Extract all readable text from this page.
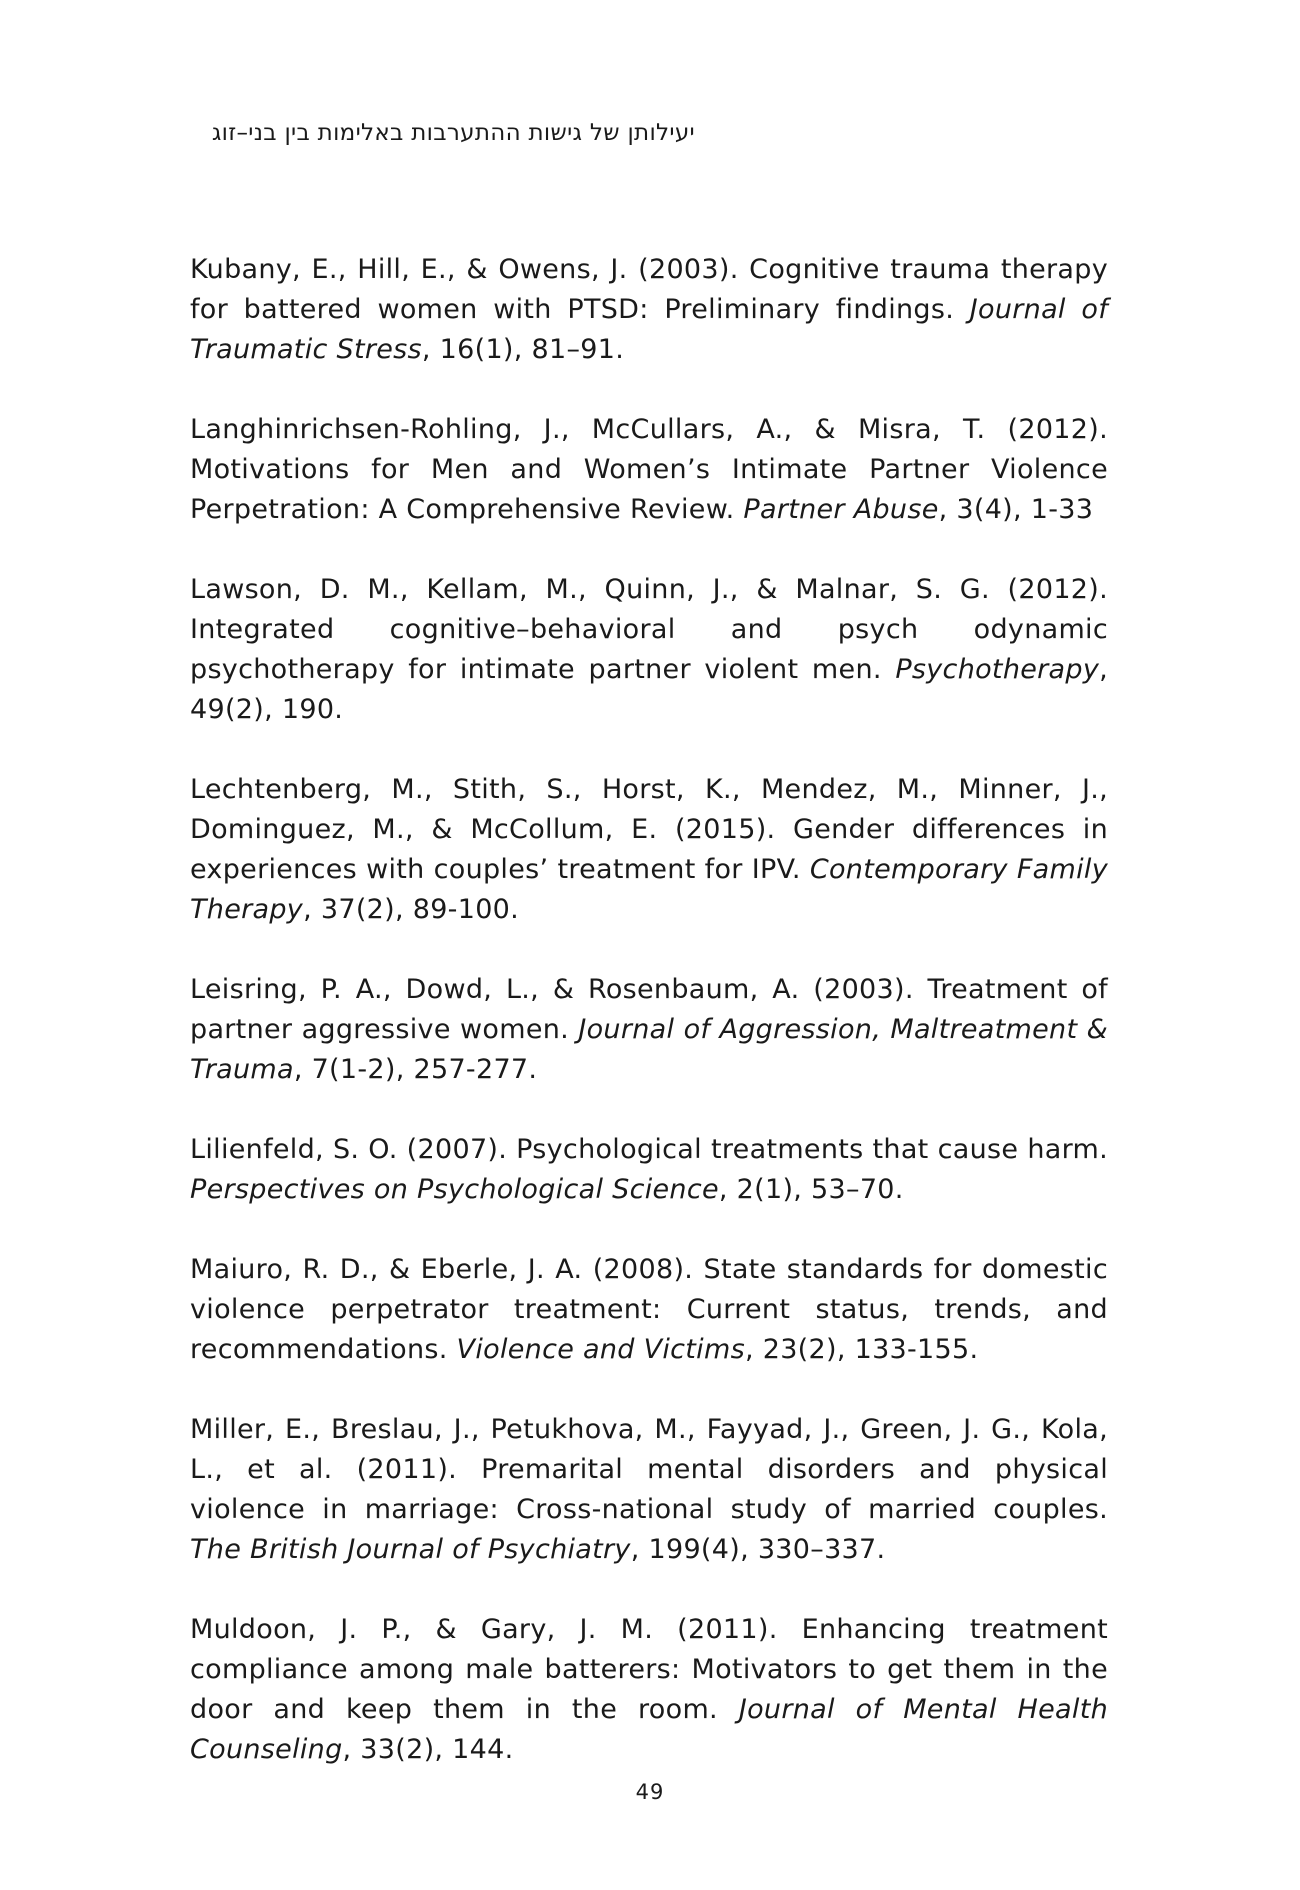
יעילותן של גישות ההתערבות באלימות בין בני–זוג
Kubany, E., Hill, E., & Owens, J. (2003). Cognitive trauma therapy for battered women with PTSD: Preliminary findings. Journal of Traumatic Stress, 16(1), 81–91.
Langhinrichsen-Rohling, J., McCullars, A., & Misra, T. (2012). Motivations for Men and Women’s Intimate Partner Violence Perpetration: A Comprehensive Review. Partner Abuse, 3(4), 1-33
Lawson, D. M., Kellam, M., Quinn, J., & Malnar, S. G. (2012). Integrated cognitive–behavioral and psych odynamic psychotherapy for intimate partner violent men. Psychotherapy, 49(2), 190.
Lechtenberg, M., Stith, S., Horst, K., Mendez, M., Minner, J., Dominguez, M., & McCollum, E. (2015). Gender differences in experiences with couples’ treatment for IPV. Contemporary Family Therapy, 37(2), 89-100.
Leisring, P. A., Dowd, L., & Rosenbaum, A. (2003). Treatment of partner aggressive women. Journal of Aggression, Maltreatment & Trauma, 7(1-2), 257-277.
Lilienfeld, S. O. (2007). Psychological treatments that cause harm. Perspectives on Psychological Science, 2(1), 53–70.
Maiuro, R. D., & Eberle, J. A. (2008). State standards for domestic violence perpetrator treatment: Current status, trends, and recommendations. Violence and Victims, 23(2), 133-155.
Miller, E., Breslau, J., Petukhova, M., Fayyad, J., Green, J. G., Kola, L., et al. (2011). Premarital mental disorders and physical violence in marriage: Cross-national study of married couples. The British Journal of Psychiatry, 199(4), 330–337.
Muldoon, J. P., & Gary, J. M. (2011). Enhancing treatment compliance among male batterers: Motivators to get them in the door and keep them in the room. Journal of Mental Health Counseling, 33(2), 144.
49
